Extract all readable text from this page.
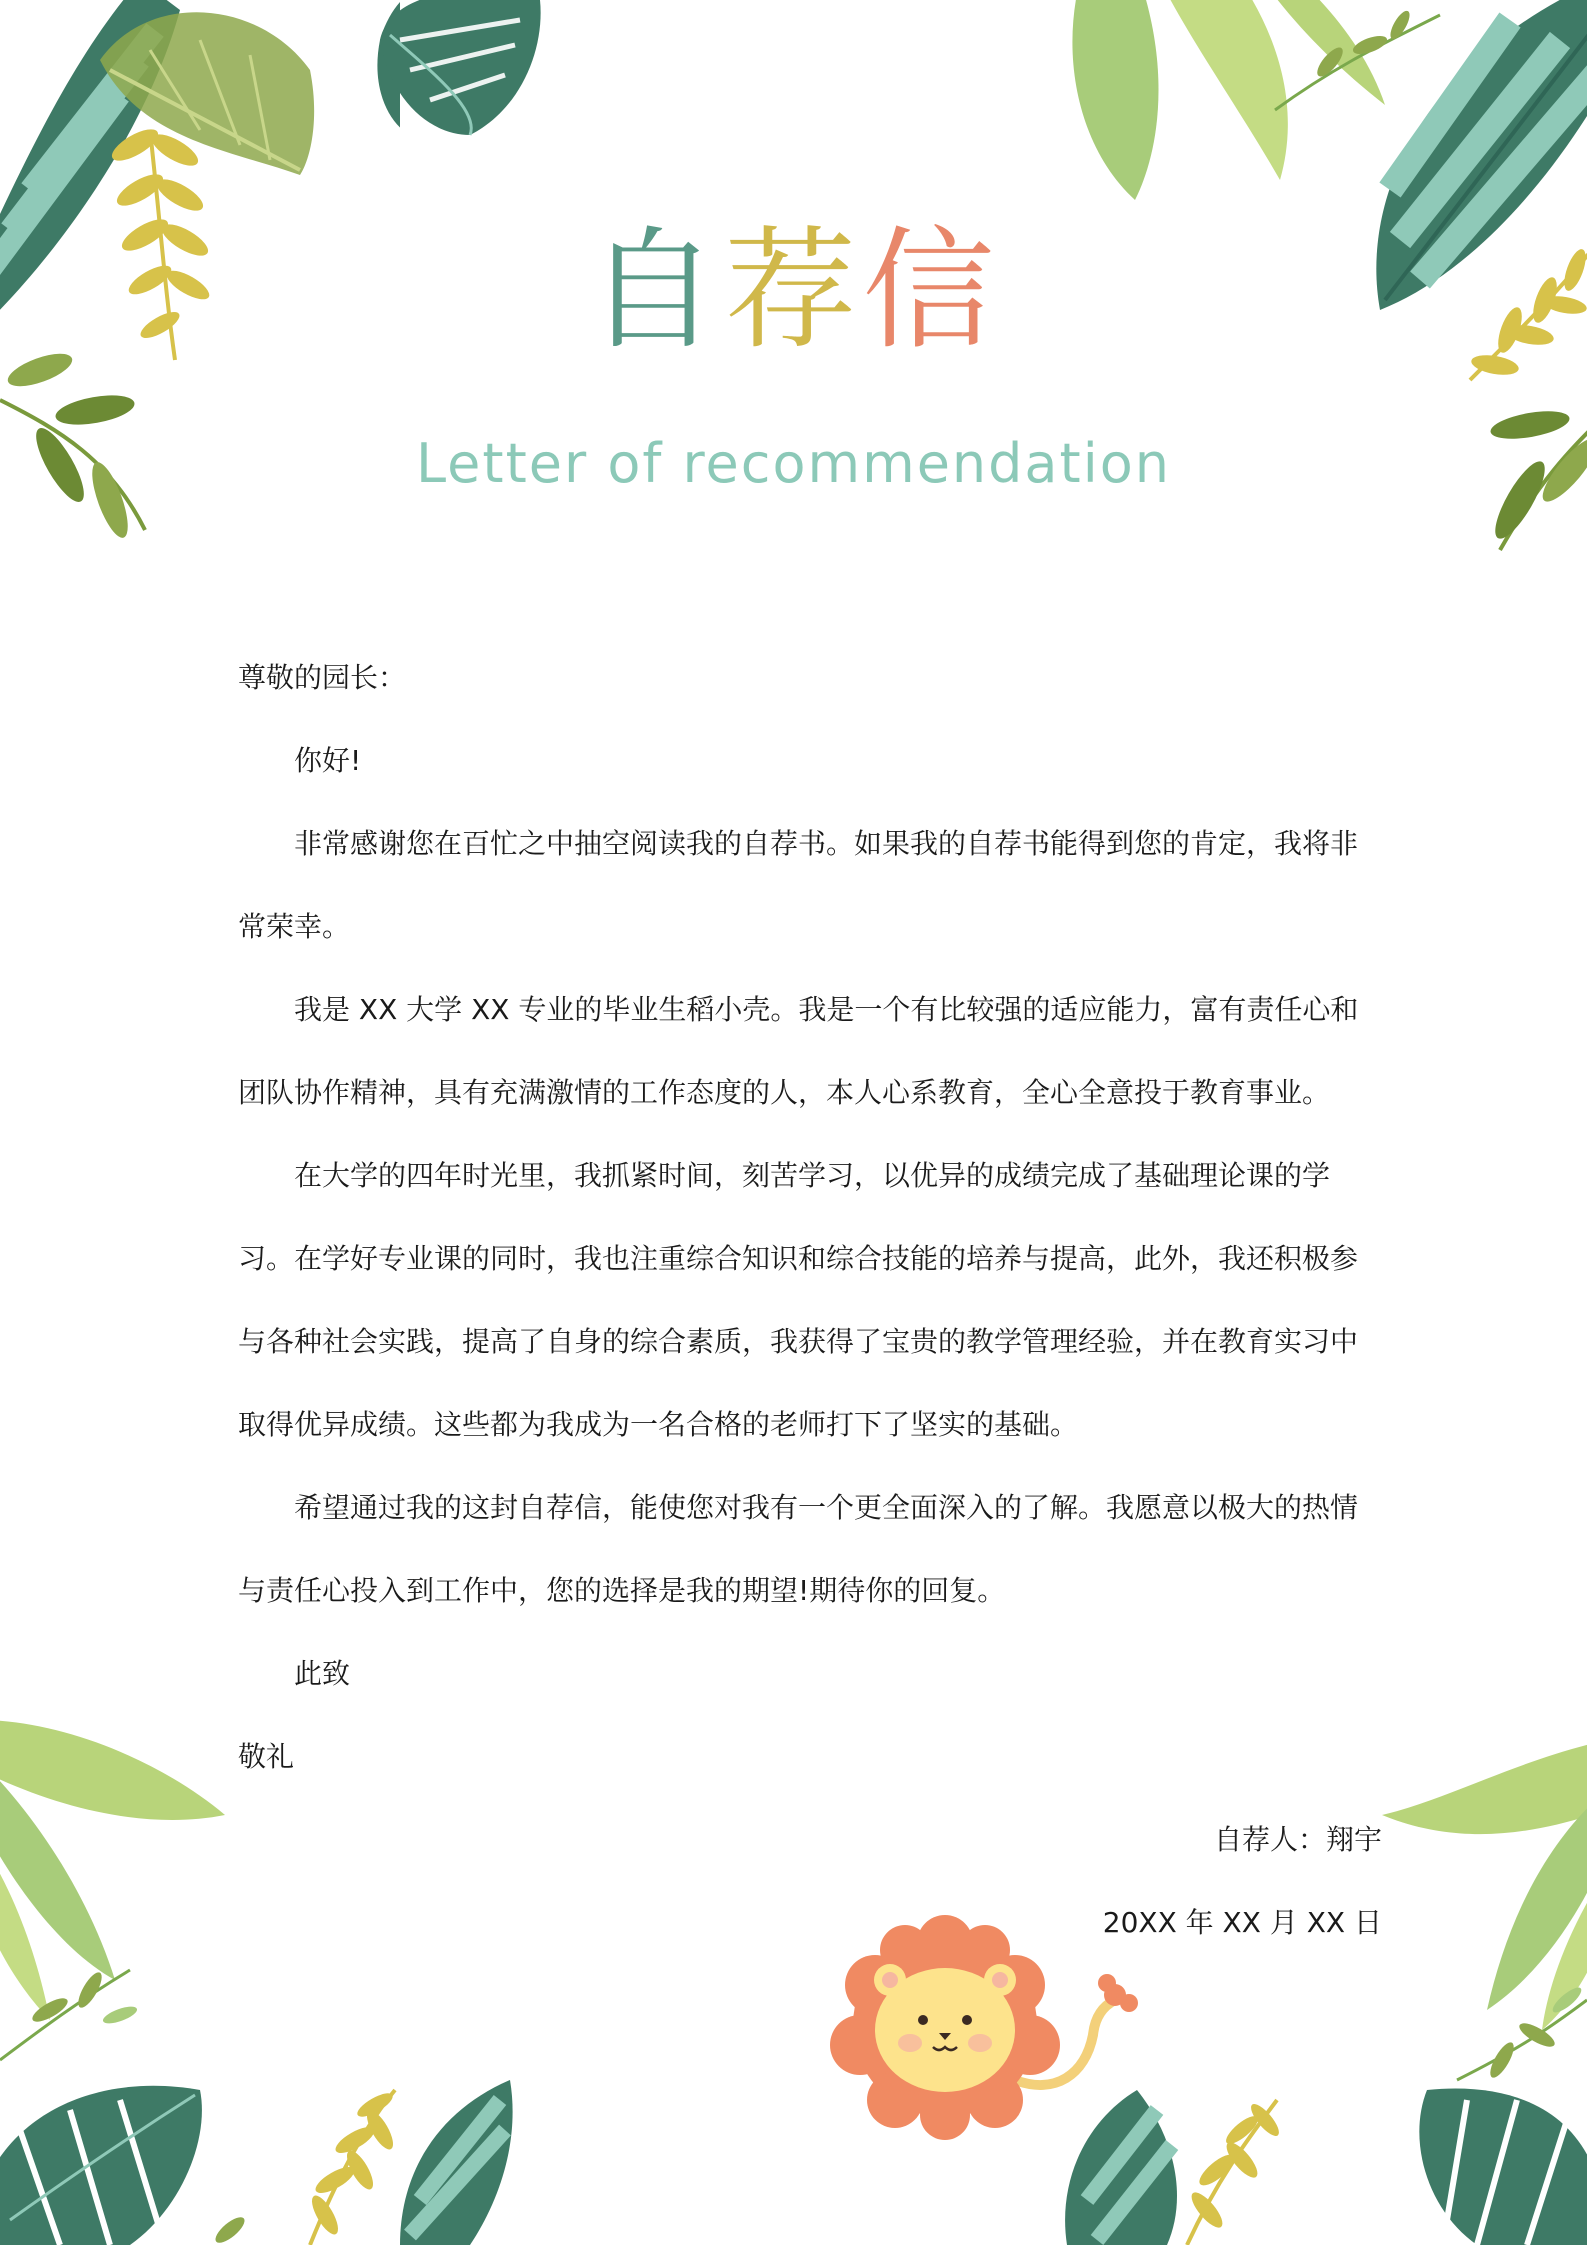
自荐信
Letter of recommendation

尊敬的园长：

你好!

非常感谢您在百忙之中抽空阅读我的自荐书。如果我的自荐书能得到您的肯定，我将非常荣幸。

我是 XX 大学 XX 专业的毕业生稻小壳。我是一个有比较强的适应能力，富有责任心和团队协作精神，具有充满激情的工作态度的人，本人心系教育，全心全意投于教育事业。

在大学的四年时光里，我抓紧时间，刻苦学习，以优异的成绩完成了基础理论课的学习。在学好专业课的同时，我也注重综合知识和综合技能的培养与提高，此外，我还积极参与各种社会实践，提高了自身的综合素质，我获得了宝贵的教学管理经验，并在教育实习中取得优异成绩。这些都为我成为一名合格的老师打下了坚实的基础。

希望通过我的这封自荐信，能使您对我有一个更全面深入的了解。我愿意以极大的热情与责任心投入到工作中，您的选择是我的期望!期待你的回复。

此致

敬礼

自荐人：翔宇

20XX 年 XX 月 XX 日
